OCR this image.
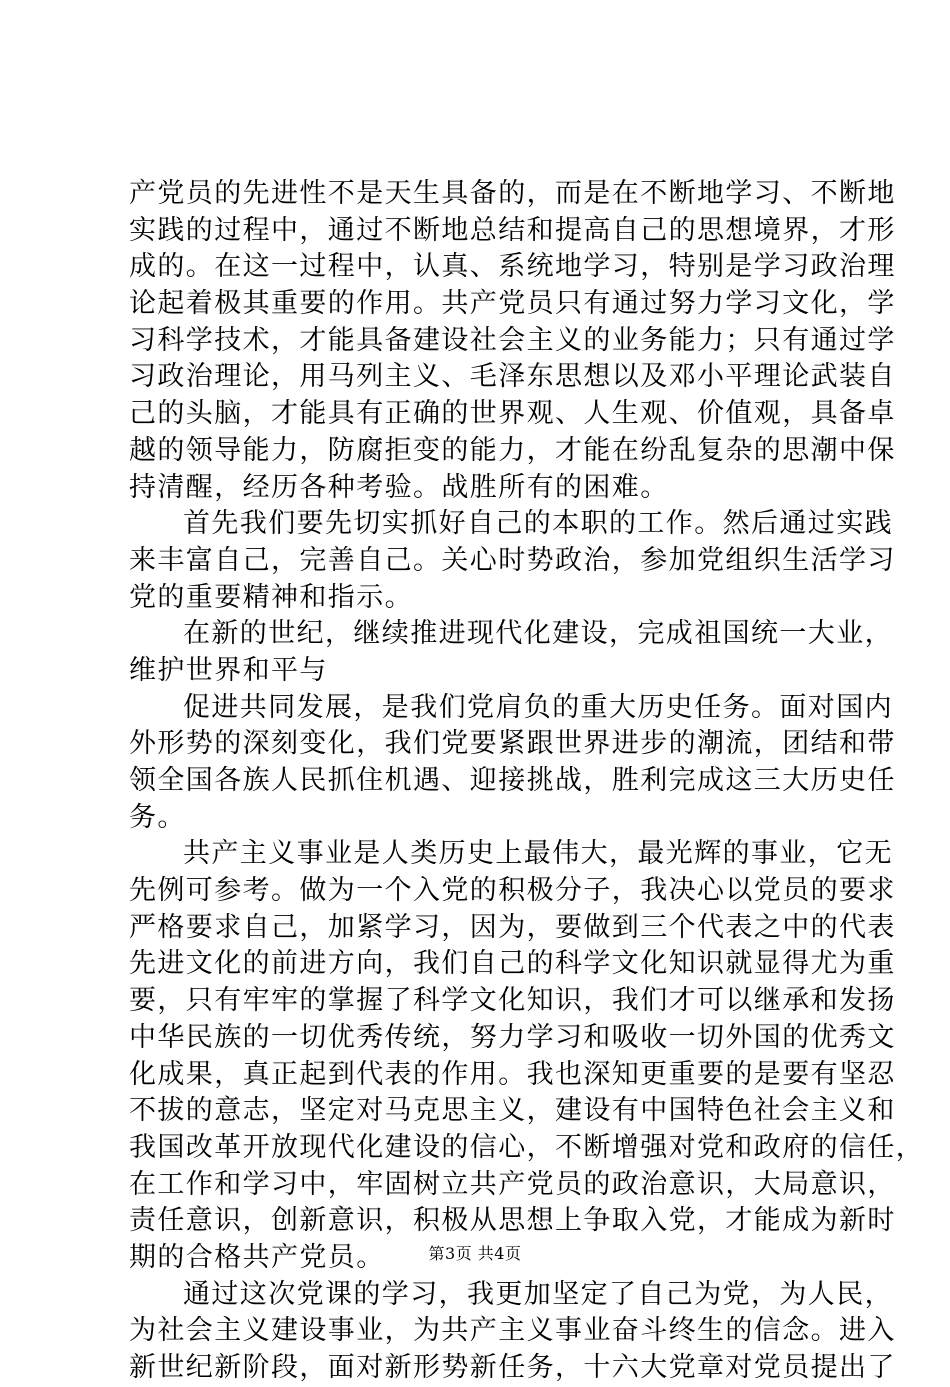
产党员的先进性不是天生具备的，而是在不断地学习、不断地
实践的过程中，通过不断地总结和提高自己的思想境界，才形
成的。在这一过程中，认真、系统地学习，特别是学习政治理
论起着极其重要的作用。共产党员只有通过努力学习文化，学
习科学技术，才能具备建设社会主义的业务能力；只有通过学
习政治理论，用马列主义、毛泽东思想以及邓小平理论武装自
己的头脑，才能具有正确的世界观、人生观、价值观，具备卓
越的领导能力，防腐拒变的能力，才能在纷乱复杂的思潮中保
持清醒，经历各种考验。战胜所有的困难。
首先我们要先切实抓好自己的本职的工作。然后通过实践
来丰富自己，完善自己。关心时势政治，参加党组织生活学习
党的重要精神和指示。
在新的世纪，继续推进现代化建设，完成祖国统一大业，
维护世界和平与
促进共同发展，是我们党肩负的重大历史任务。面对国内
外形势的深刻变化，我们党要紧跟世界进步的潮流，团结和带
领全国各族人民抓住机遇、迎接挑战，胜利完成这三大历史任
务。
共产主义事业是人类历史上最伟大，最光辉的事业，它无
先例可参考。做为一个入党的积极分子，我决心以党员的要求
严格要求自己，加紧学习，因为，要做到三个代表之中的代表
先进文化的前进方向，我们自己的科学文化知识就显得尤为重
要，只有牢牢的掌握了科学文化知识，我们才可以继承和发扬
中华民族的一切优秀传统，努力学习和吸收一切外国的优秀文
化成果，真正起到代表的作用。我也深知更重要的是要有坚忍
不拔的意志，坚定对马克思主义，建设有中国特色社会主义和
我国改革开放现代化建设的信心，不断增强对党和政府的信任，
在工作和学习中，牢固树立共产党员的政治意识，大局意识，
责任意识，创新意识，积极从思想上争取入党，才能成为新时
期的合格共产党员。
通过这次党课的学习，我更加坚定了自己为党，为人民，
为社会主义建设事业，为共产主义事业奋斗终生的信念。进入
新世纪新阶段，面对新形势新任务，十六大党章对党员提出了
第3页 共4页
